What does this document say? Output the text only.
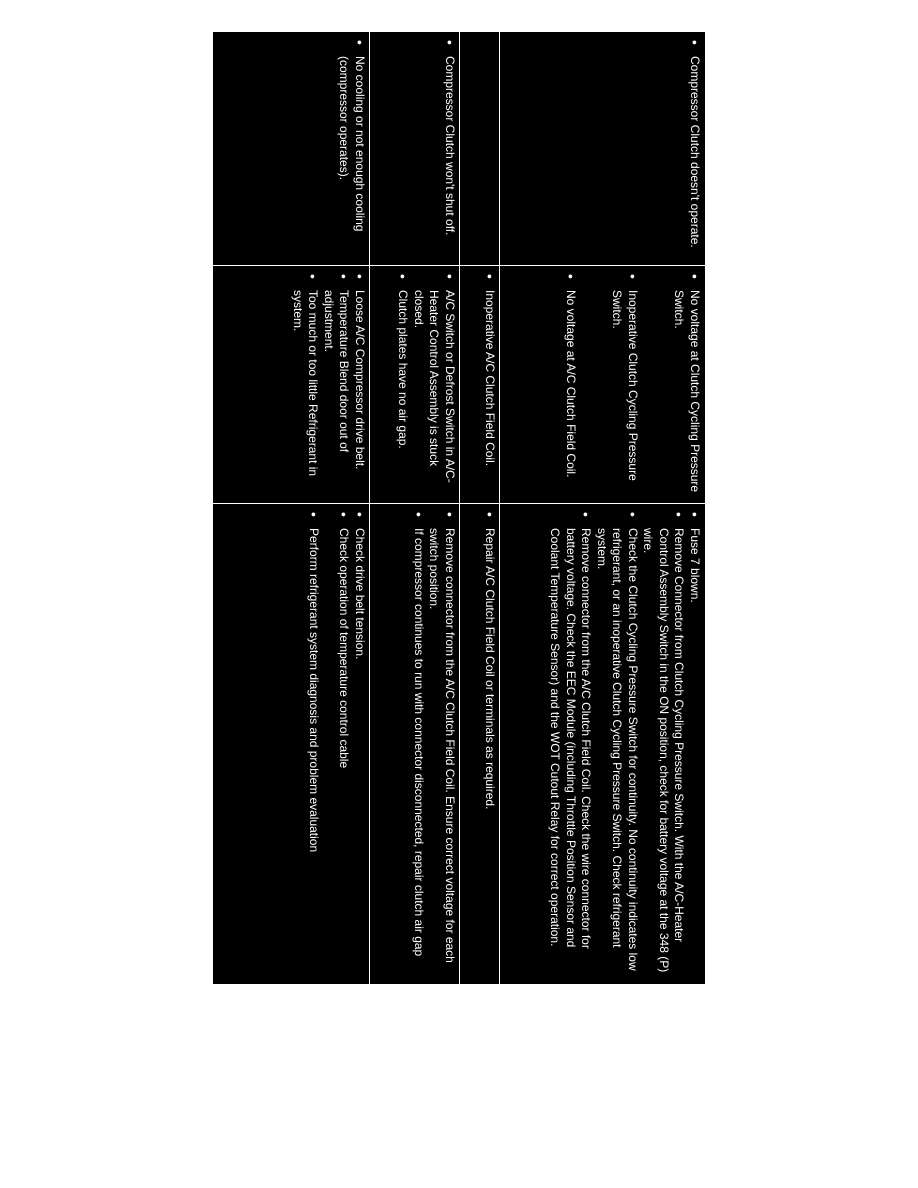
• Compressor Clutch doesn't operate.
• No voltage at Clutch Cycling Pressure Switch.
• Inoperative Clutch Cycling Pressure Switch.
• No voltage at A/C Clutch Field Coil.
• Fuse 7 blown.
• Remove Connector from Clutch Cycling Pressure Switch. With the A/C-Heater Control Assembly Switch in the ON position, check for battery voltage at the 348 (P) wire.
• Check the Clutch Cycling Pressure Switch for continuity. No continuity indicates low refrigerant, or an inoperative Clutch Cycling Pressure Switch. Check refrigerant system.
• Remove connector from the A/C Clutch Field Coil. Check the wire connector for battery voltage. Check the EEC Module (including Throttle Position Sensor and Coolant Temperature Sensor) and the WOT Cutout Relay for correct operation.
• Inoperative A/C Clutch Field Coil.
• Repair A/C Clutch Field Coil or terminals as required.
• Compressor Clutch won't shut off.
• A/C Switch or Defrost Switch in A/C-Heater Control Assembly is stuck closed.
• Clutch plates have no air gap.
• Remove connector from the A/C Clutch Field Coil. Ensure correct voltage for each switch position.
• If compressor continues to run with connector disconnected, repair clutch air gap
• No cooling or not enough cooling (compressor operates).
• Loose A/C Compressor drive belt.
• Temperature Blend door out of adjustment.
• Too much or too little Refrigerant in system.
• Check drive belt tension.
• Check operation of temperature control cable
• Perform refrigerant system diagnosis and problem evaluation
